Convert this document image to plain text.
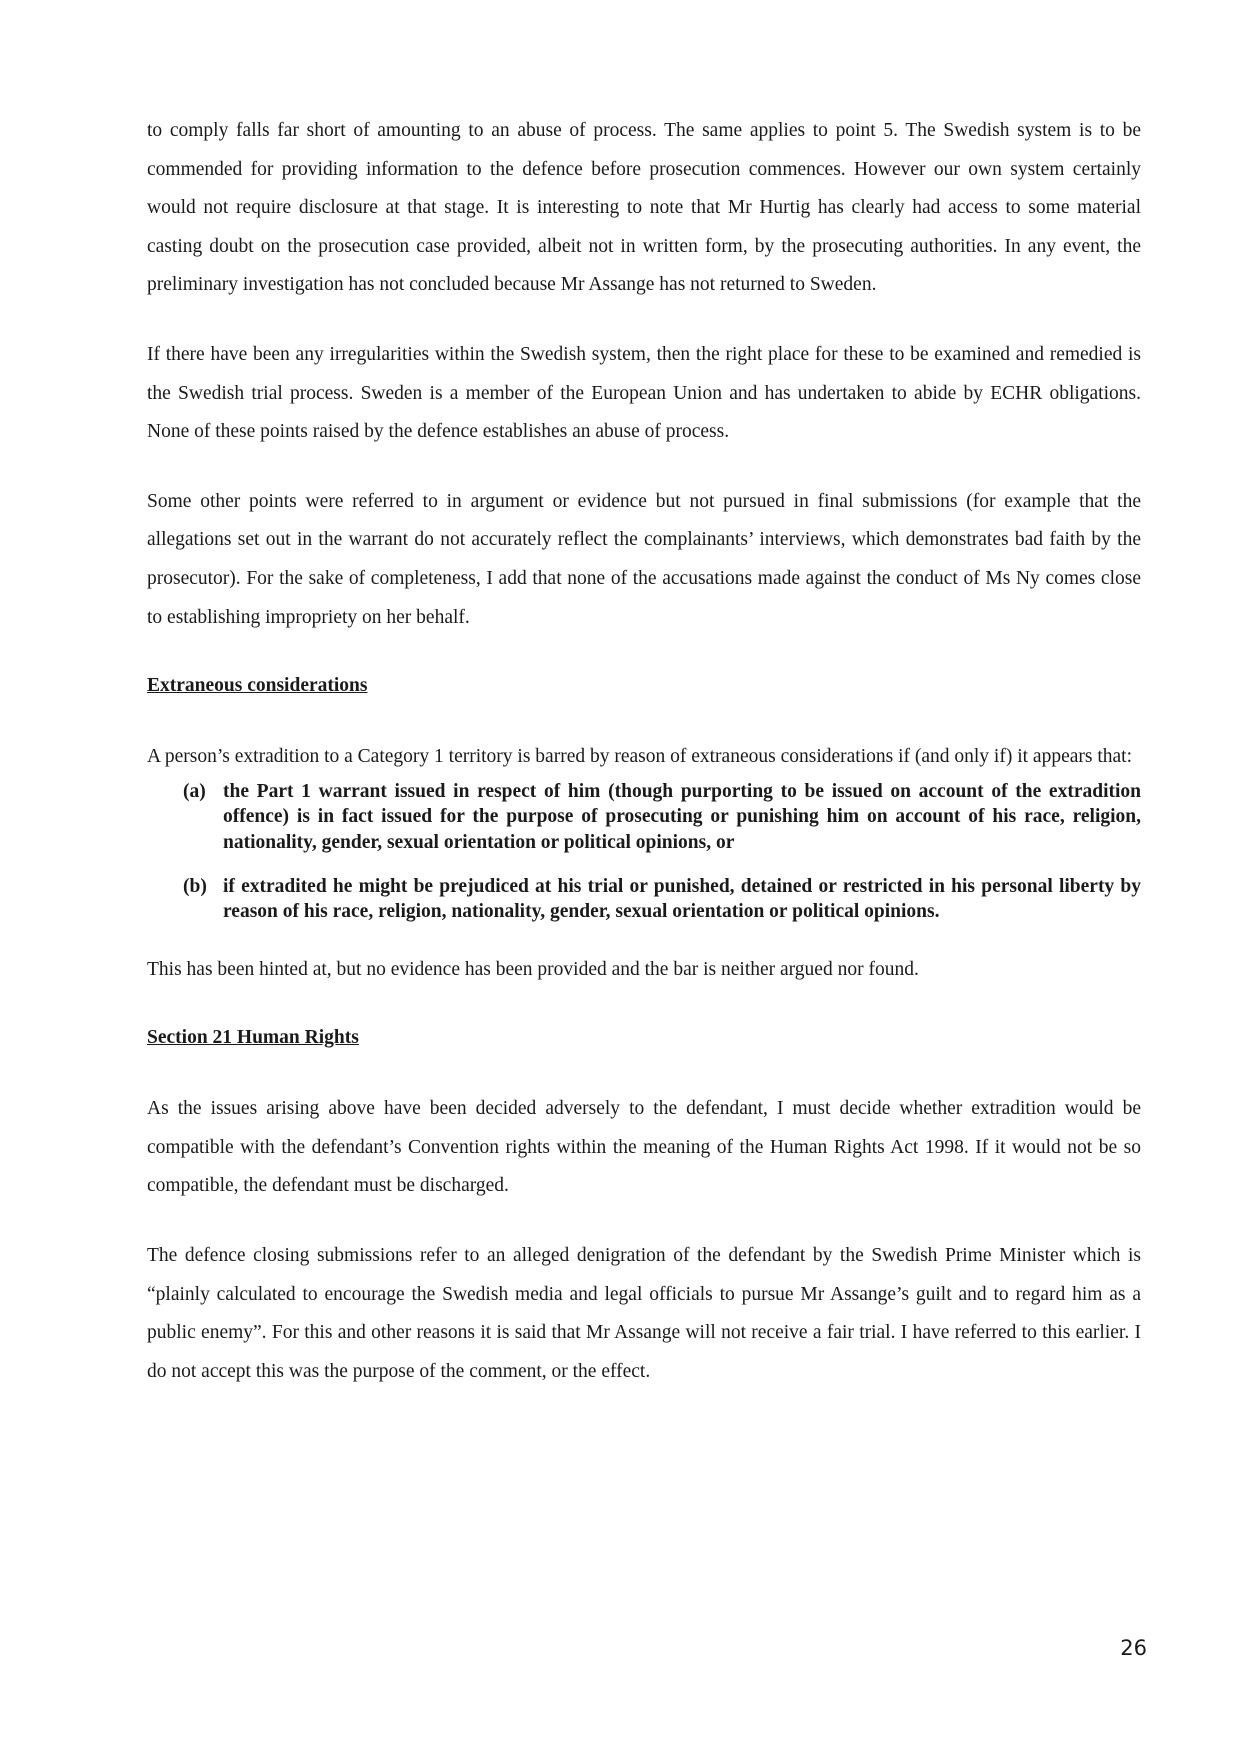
to comply falls far short of amounting to an abuse of process. The same applies to point 5. The Swedish system is to be commended for providing information to the defence before prosecution commences. However our own system certainly would not require disclosure at that stage. It is interesting to note that Mr Hurtig has clearly had access to some material casting doubt on the prosecution case provided, albeit not in written form, by the prosecuting authorities. In any event, the preliminary investigation has not concluded because Mr Assange has not returned to Sweden.

If there have been any irregularities within the Swedish system, then the right place for these to be examined and remedied is the Swedish trial process. Sweden is a member of the European Union and has undertaken to abide by ECHR obligations. None of these points raised by the defence establishes an abuse of process.

Some other points were referred to in argument or evidence but not pursued in final submissions (for example that the allegations set out in the warrant do not accurately reflect the complainants’ interviews, which demonstrates bad faith by the prosecutor). For the sake of completeness, I add that none of the accusations made against the conduct of Ms Ny comes close to establishing impropriety on her behalf.

Extraneous considerations

A person’s extradition to a Category 1 territory is barred by reason of extraneous considerations if (and only if) it appears that:

(a) the Part 1 warrant issued in respect of him (though purporting to be issued on account of the extradition offence) is in fact issued for the purpose of prosecuting or punishing him on account of his race, religion, nationality, gender, sexual orientation or political opinions, or
(b) if extradited he might be prejudiced at his trial or punished, detained or restricted in his personal liberty by reason of his race, religion, nationality, gender, sexual orientation or political opinions.

This has been hinted at, but no evidence has been provided and the bar is neither argued nor found.

Section 21 Human Rights

As the issues arising above have been decided adversely to the defendant, I must decide whether extradition would be compatible with the defendant’s Convention rights within the meaning of the Human Rights Act 1998. If it would not be so compatible, the defendant must be discharged.

The defence closing submissions refer to an alleged denigration of the defendant by the Swedish Prime Minister which is “plainly calculated to encourage the Swedish media and legal officials to pursue Mr Assange’s guilt and to regard him as a public enemy”. For this and other reasons it is said that Mr Assange will not receive a fair trial. I have referred to this earlier. I do not accept this was the purpose of the comment, or the effect.

26
